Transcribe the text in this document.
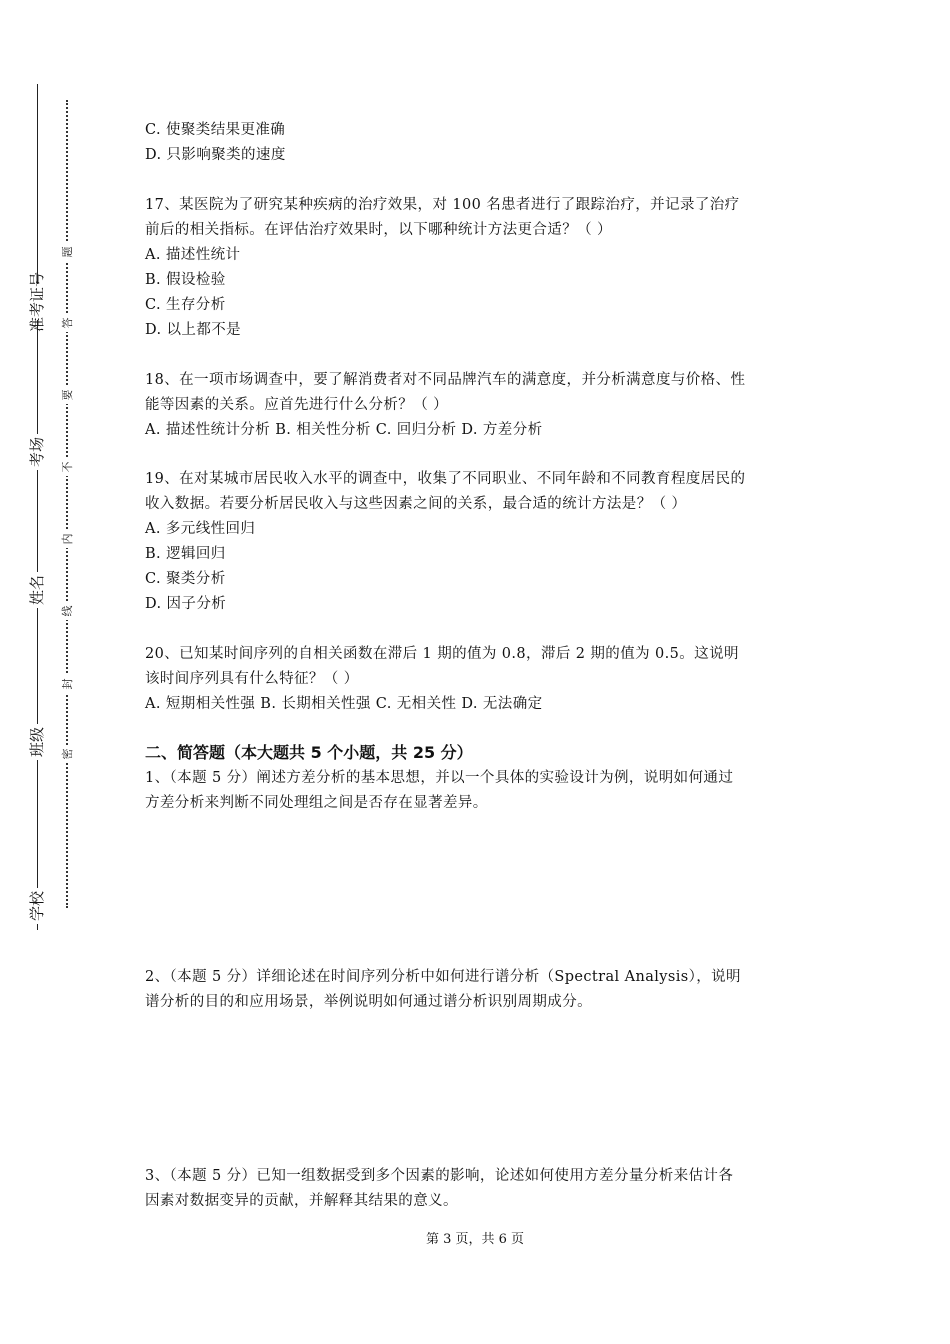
学校
班级
姓名
考场
准考证号
密
封
线
内
不
要
答
题
C. 使聚类结果更准确
D. 只影响聚类的速度
17、某医院为了研究某种疾病的治疗效果，对 100 名患者进行了跟踪治疗，并记录了治疗
前后的相关指标。在评估治疗效果时，以下哪种统计方法更合适？（ ）
A. 描述性统计
B. 假设检验
C. 生存分析
D. 以上都不是
18、在一项市场调查中，要了解消费者对不同品牌汽车的满意度，并分析满意度与价格、性
能等因素的关系。应首先进行什么分析？（ ）
A. 描述性统计分析 B. 相关性分析 C. 回归分析 D. 方差分析
19、在对某城市居民收入水平的调查中，收集了不同职业、不同年龄和不同教育程度居民的
收入数据。若要分析居民收入与这些因素之间的关系，最合适的统计方法是？（ ）
A. 多元线性回归
B. 逻辑回归
C. 聚类分析
D. 因子分析
20、已知某时间序列的自相关函数在滞后 1 期的值为 0.8，滞后 2 期的值为 0.5。这说明
该时间序列具有什么特征？（ ）
A. 短期相关性强 B. 长期相关性强 C. 无相关性 D. 无法确定
二、简答题（本大题共 5 个小题，共 25 分）
1、（本题 5 分）阐述方差分析的基本思想，并以一个具体的实验设计为例，说明如何通过
方差分析来判断不同处理组之间是否存在显著差异。
2、（本题 5 分）详细论述在时间序列分析中如何进行谱分析（Spectral Analysis），说明
谱分析的目的和应用场景，举例说明如何通过谱分析识别周期成分。
3、（本题 5 分）已知一组数据受到多个因素的影响，论述如何使用方差分量分析来估计各
因素对数据变异的贡献，并解释其结果的意义。
第 3 页，共 6 页
